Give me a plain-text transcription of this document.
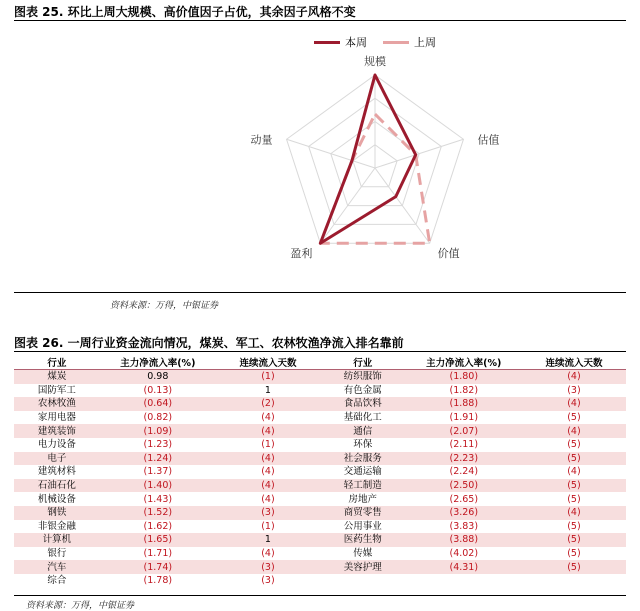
图表 25. 环比上周大规模、高价值因子占优，其余因子风格不变
本周	上周
规模
估值
价值
盈利
动量
资料来源：万得，中银证券
图表 26. 一周行业资金流向情况，煤炭、军工、农林牧渔净流入排名靠前
行业	主力净流入率(%)	连续流入天数	行业	主力净流入率(%)	连续流入天数
煤炭	0.98	(1)	纺织服饰	(1.80)	(4)
国防军工	(0.13)	1	有色金属	(1.82)	(3)
农林牧渔	(0.64)	(2)	食品饮料	(1.88)	(4)
家用电器	(0.82)	(4)	基础化工	(1.91)	(5)
建筑装饰	(1.09)	(4)	通信	(2.07)	(4)
电力设备	(1.23)	(1)	环保	(2.11)	(5)
电子	(1.24)	(4)	社会服务	(2.23)	(5)
建筑材料	(1.37)	(4)	交通运输	(2.24)	(4)
石油石化	(1.40)	(4)	轻工制造	(2.50)	(5)
机械设备	(1.43)	(4)	房地产	(2.65)	(5)
钢铁	(1.52)	(3)	商贸零售	(3.26)	(4)
非银金融	(1.62)	(1)	公用事业	(3.83)	(5)
计算机	(1.65)	1	医药生物	(3.88)	(5)
银行	(1.71)	(4)	传媒	(4.02)	(5)
汽车	(1.74)	(3)	美容护理	(4.31)	(5)
综合	(1.78)	(3)			
资料来源：万得，中银证券
